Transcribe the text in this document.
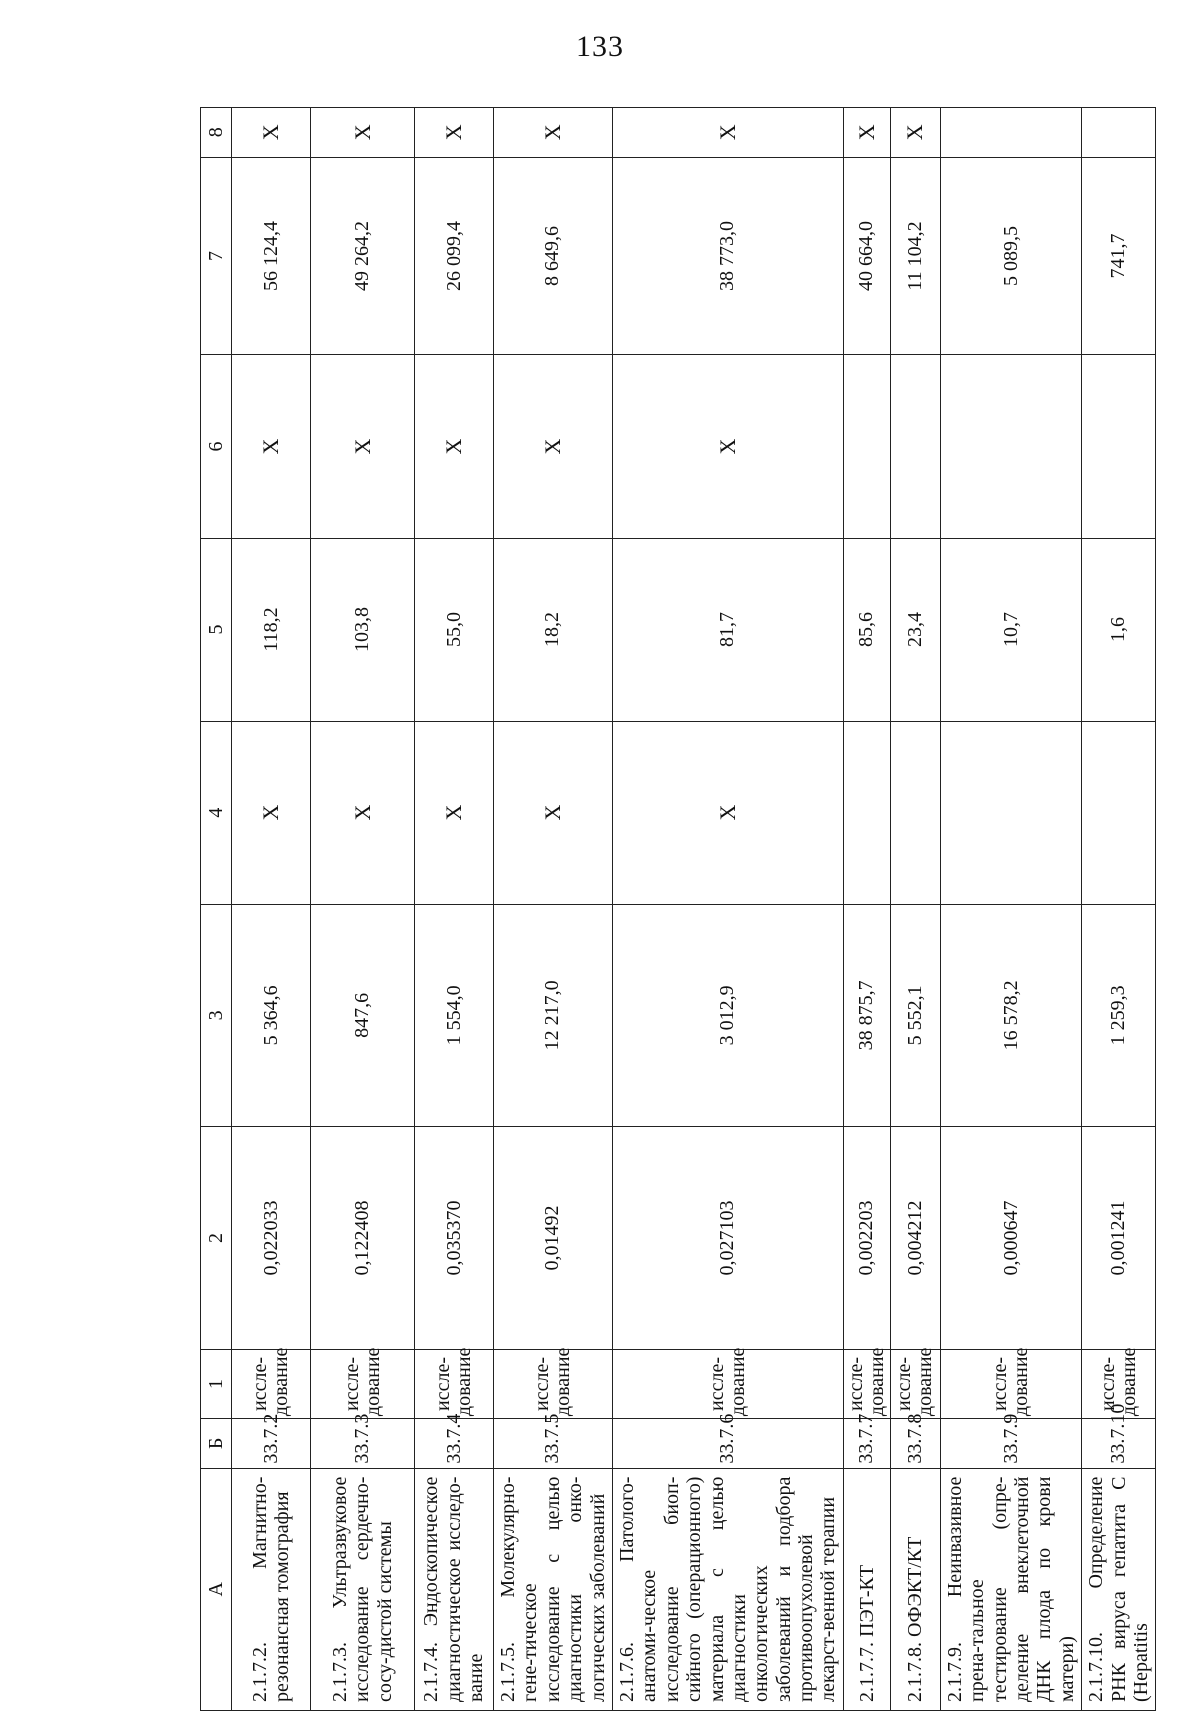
133
А	Б	1	2	3	4	5	6	7	8
2.1.7.2. Магнитно-резонансная томография	33.7.2	иссле-дование	0,022033	5 364,6	X	118,2	X	56 124,4	X
2.1.7.3. Ультразвуковое исследование сердечно-сосу-дистой системы	33.7.3	иссле-дование	0,122408	847,6	X	103,8	X	49 264,2	X
2.1.7.4. Эндоскопическое диагностическое исследо-вание	33.7.4	иссле-дование	0,035370	1 554,0	X	55,0	X	26 099,4	X
2.1.7.5. Молекулярно-гене-тическое исследование с целью диагностики онко-логических заболеваний	33.7.5	иссле-дование	0,01492	12 217,0	X	18,2	X	8 649,6	X
2.1.7.6. Патолого-анатоми-ческое исследование биоп-сийного (операционного) материала с целью диагностики онкологических заболеваний и подбора противоопухолевой лекарст-венной терапии	33.7.6	иссле-дование	0,027103	3 012,9	X	81,7	X	38 773,0	X
2.1.7.7. ПЭТ-КТ	33.7.7	иссле-дование	0,002203	38 875,7		85,6		40 664,0	X
2.1.7.8. ОФЭКТ/КТ	33.7.8	иссле-дование	0,004212	5 552,1		23,4		11 104,2	X
2.1.7.9. Неинвазивное прена-тальное тестирование (опре-деление внеклеточной ДНК плода по крови матери)	33.7.9	иссле-дование	0,000647	16 578,2		10,7		5 089,5	
2.1.7.10. Определение РНК вируса гепатита C (Hepatitis	33.7.10	иссле-дование	0,001241	1 259,3		1,6		741,7	
